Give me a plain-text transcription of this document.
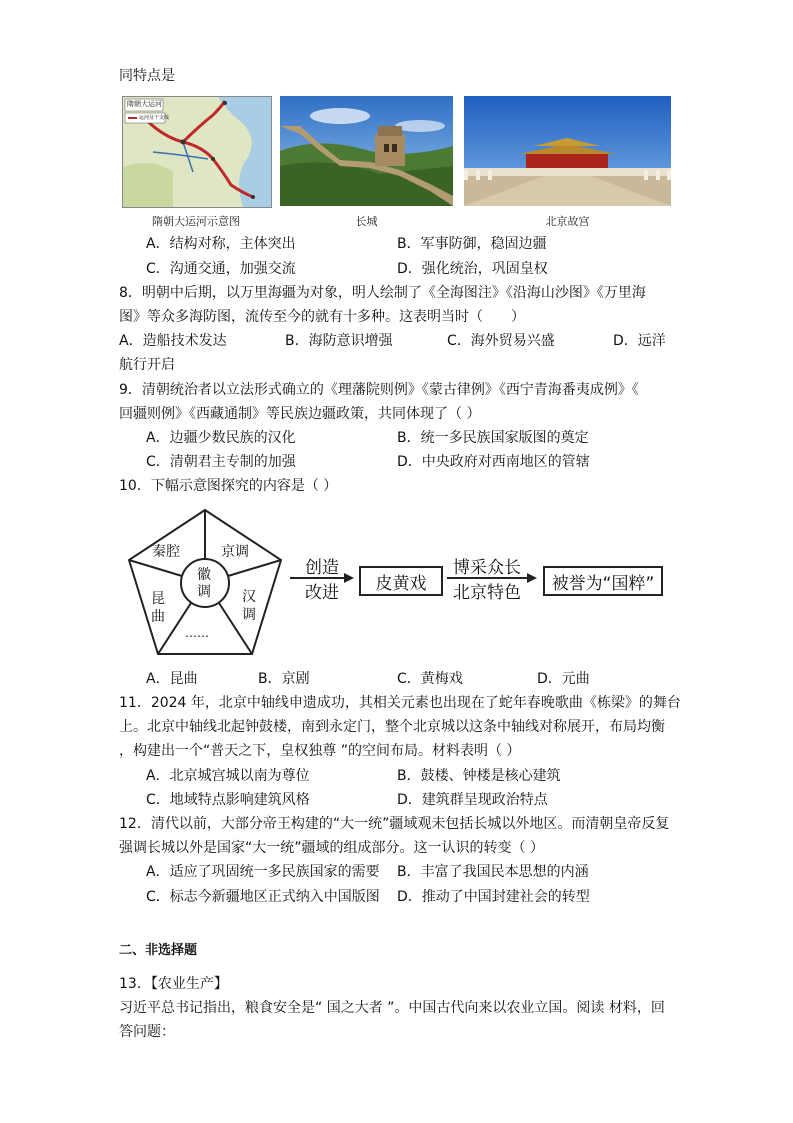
同特点是
隋朝大运河
运河及干支线
隋朝大运河示意图	长城	北京故宫
A．结构对称，主体突出	B．军事防御，稳固边疆
C．沟通交通，加强交流	D．强化统治，巩固皇权
8．明朝中后期，以万里海疆为对象，明人绘制了《全海图注》《沿海山沙图》《万里海
图》等众多海防图，流传至今的就有十多种。这表明当时（　　）
A．造船技术发达	B．海防意识增强	C．海外贸易兴盛	D．远洋
航行开启
9．清朝统治者以立法形式确立的《理藩院则例》《蒙古律例》《西宁青海番夷成例》《
回疆则例》《西藏通制》等民族边疆政策，共同体现了（ ）
A．边疆少数民族的汉化	B．统一多民族国家版图的奠定
C．清朝君主专制的加强	D．中央政府对西南地区的管辖
10．下幅示意图探究的内容是（ ）
秦腔	京调
昆曲
汉调
……
徽调
创造
改进	皮黄戏
博采众长
北京特色	被誉为“国粹”
A．昆曲	B．京剧	C．黄梅戏	D．元曲
11．2024 年，北京中轴线申遗成功，其相关元素也出现在了蛇年春晚歌曲《栋梁》的舞台
上。北京中轴线北起钟鼓楼，南到永定门，整个北京城以这条中轴线对称展开，布局均衡
，构建出一个“普天之下，皇权独尊 ”的空间布局。材料表明（ ）
A．北京城宫城以南为尊位	B．鼓楼、钟楼是核心建筑
C．地域特点影响建筑风格	D．建筑群呈现政治特点
12．清代以前，大部分帝王构建的“大一统”疆域观未包括长城以外地区。而清朝皇帝反复
强调长城以外是国家“大一统”疆域的组成部分。这一认识的转变（ ）
A．适应了巩固统一多民族国家的需要 B．丰富了我国民本思想的内涵
C．标志今新疆地区正式纳入中国版图 D．推动了中国封建社会的转型
二、非选择题
13．【农业生产】
习近平总书记指出，粮食安全是“ 国之大者 ”。中国古代向来以农业立国。阅读 材料，回
答问题：
